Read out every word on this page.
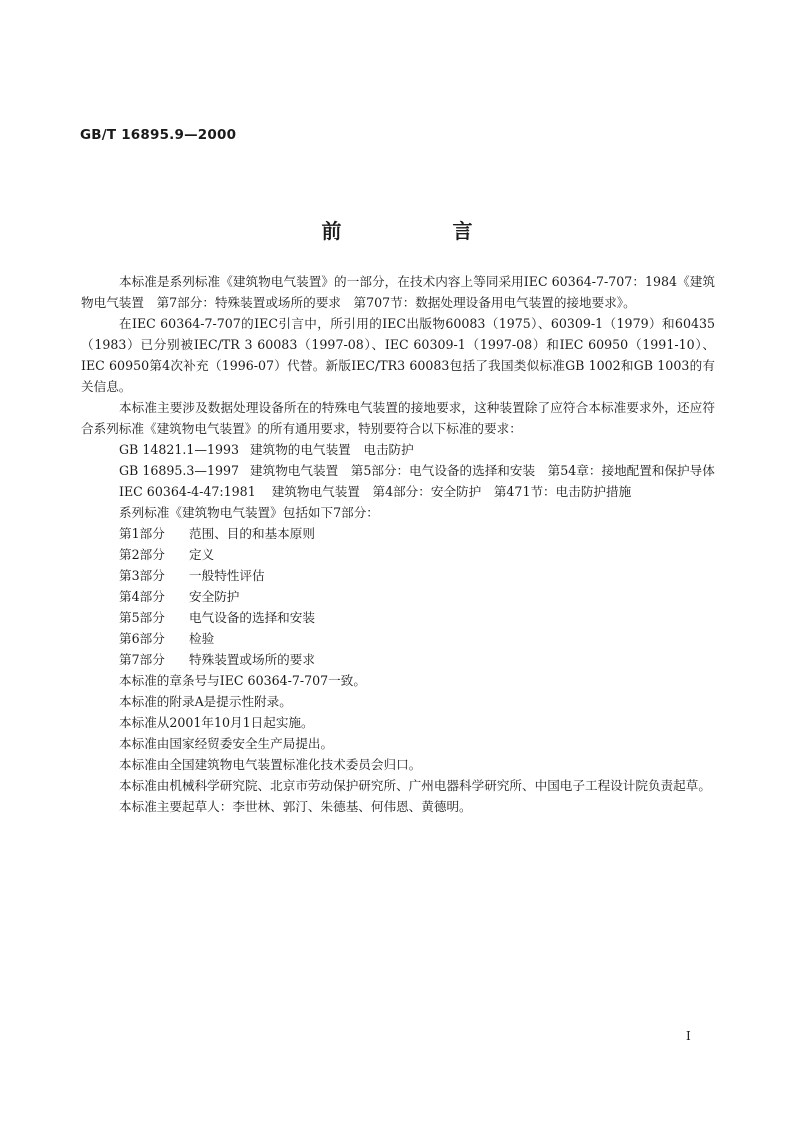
GB/T 16895.9—2000
前 言

本标准是系列标准《建筑物电气装置》的一部分，在技术内容上等同采用IEC 60364-7-707：1984《建筑物电气装置　第7部分：特殊装置或场所的要求　第707节：数据处理设备用电气装置的接地要求》。

在IEC 60364-7-707的IEC引言中，所引用的IEC出版物60083（1975）、60309-1（1979）和60435（1983）已分别被IEC/TR 3 60083（1997-08）、IEC 60309-1（1997-08）和IEC 60950（1991-10）、IEC 60950第4次补充（1996-07）代替。新版IEC/TR3 60083包括了我国类似标准GB 1002和GB 1003的有关信息。

本标准主要涉及数据处理设备所在的特殊电气装置的接地要求，这种装置除了应符合本标准要求外，还应符合系列标准《建筑物电气装置》的所有通用要求，特别要符合以下标准的要求：

GB 14821.1—1993 建筑物的电气装置　电击防护
GB 16895.3—1997 建筑物电气装置　第5部分：电气设备的选择和安装　第54章：接地配置和保护导体
IEC 60364-4-47:1981 建筑物电气装置　第4部分：安全防护　第471节：电击防护措施

系列标准《建筑物电气装置》包括如下7部分：

第1部分 范围、目的和基本原则

第2部分 定义

第3部分 一般特性评估

第4部分 安全防护

第5部分 电气设备的选择和安装

第6部分 检验

第7部分 特殊装置或场所的要求

本标准的章条号与IEC 60364-7-707一致。

本标准的附录A是提示性附录。

本标准从2001年10月1日起实施。

本标准由国家经贸委安全生产局提出。

本标准由全国建筑物电气装置标准化技术委员会归口。

本标准由机械科学研究院、北京市劳动保护研究所、广州电器科学研究所、中国电子工程设计院负责起草。

本标准主要起草人：李世林、郭汀、朱德基、何伟恩、黄德明。

I
